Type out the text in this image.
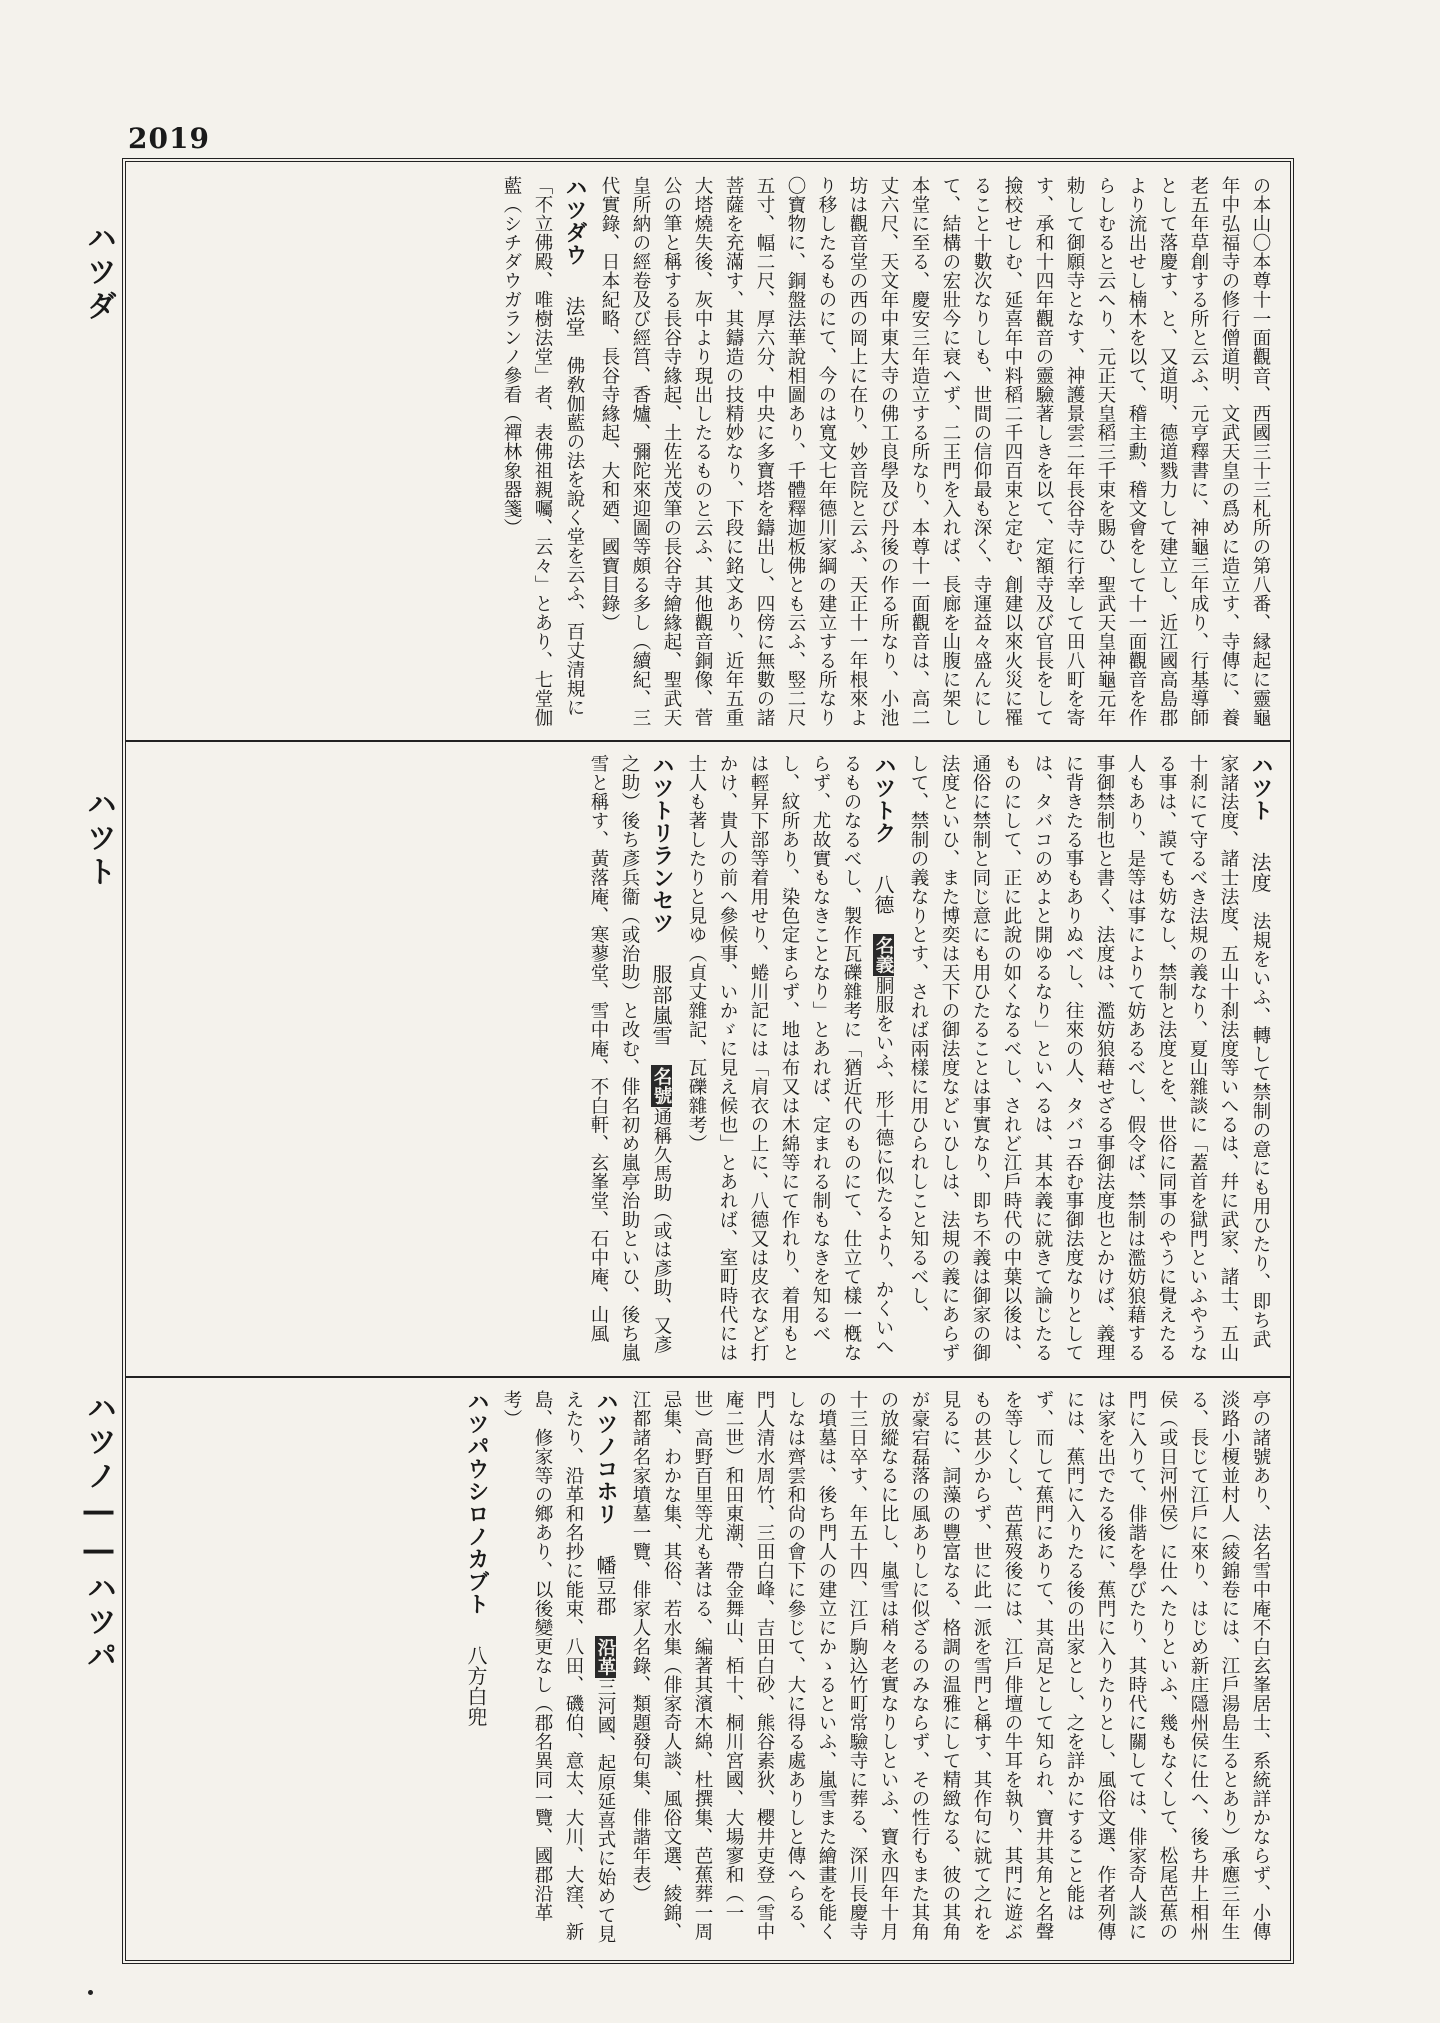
2019
ハツダ
ハツト
ハツノ――ハツパ
の本山〇本尊十一面觀音、西國三十三札所の第八番、縁起に靈龜年中弘福寺の修行僧道明、文武天皇の爲めに造立す、寺傳に、養老五年草創する所と云ふ、元亨釋書に、神龜三年成り、行基導師として落慶す、と、又道明、德道戮力して建立し、近江國高島郡より流出せし楠木を以て、稽主勳、稽文會をして十一面觀音を作らしむると云へり、元正天皇稻三千束を賜ひ、聖武天皇神龜元年勅して御願寺となす、神護景雲二年長谷寺に行幸して田八町を寄す、承和十四年觀音の靈驗著しきを以て、定額寺及び官長をして撿校せしむ、延喜年中料稻二千四百束と定む、創建以來火災に罹ること十數次なりしも、世間の信仰最も深く、寺運益々盛んにして、結構の宏壯今に衰へず、二王門を入れば、長廊を山腹に架し本堂に至る、慶安三年造立する所なり、本尊十一面觀音は、高二丈六尺、天文年中東大寺の佛工良學及び丹後の作る所なり、小池坊は觀音堂の西の岡上に在り、妙音院と云ふ、天正十一年根來より移したるものにて、今のは寬文七年德川家綱の建立する所なり〇寶物に、銅盤法華說相圖あり、千體釋迦板佛とも云ふ、竪二尺五寸、幅二尺、厚六分、中央に多寶塔を鑄出し、四傍に無數の諸菩薩を充滿す、其鑄造の技精妙なり、下段に銘文あり、近年五重大塔燒失後、灰中より現出したるものと云ふ、其他觀音銅像、菅公の筆と稱する長谷寺緣起、土佐光茂筆の長谷寺繪緣起、聖武天皇所納の經卷及び經筥、香爐、彌陀來迎圖等頗る多し（續紀、三代實錄、日本紀略、長谷寺緣起、大和廼、國寶目錄）
ハツダウ法堂　佛敎伽藍の法を說く堂を云ふ、百丈清規に「不立佛殿、唯樹法堂」者、表佛祖親囑、云々」とあり、七堂伽藍（シチダウガランノ參看（禪林象器箋）
ハツト法度　法規をいふ、轉して禁制の意にも用ひたり、即ち武家諸法度、諸士法度、五山十刹法度等いへるは、幷に武家、諸士、五山十刹にて守るべき法規の義なり、夏山雜談に「蓋首を獄門といふやうなる事は、謨ても妨なし、禁制と法度とを、世俗に同事のやうに覺えたる人もあり、是等は事によりて妨あるべし、假令ば、禁制は濫妨狼藉する事御禁制也と書く、法度は、濫妨狼藉せざる事御法度也とかけば、義理に背きたる事もありぬべし、往來の人、タバコ吞む事御法度なりとしては、タバコのめよと開ゆるなり」といへるは、其本義に就きて論じたるものにして、正に此說の如くなるべし、されど江戶時代の中葉以後は、通俗に禁制と同じ意にも用ひたることは事實なり、即ち不義は御家の御法度といひ、また博奕は天下の御法度などいひしは、法規の義にあらずして、禁制の義なりとす、されば兩樣に用ひられしこと知るべし、
ハツトク八德　名義胴服をいふ、形十德に似たるより、かくいへるものなるべし、製作瓦礫雜考に「猶近代のものにて、仕立て樣一槪ならず、尤故實もなきことなり」とあれば、定まれる制もなきを知るべし、紋所あり、染色定まらず、地は布又は木綿等にて作れり、着用もとは輕昇下部等着用せり、蜷川記には「肩衣の上に、八德又は皮衣など打かけ、貴人の前へ參候事、いかゞに見え候也」とあれば、室町時代には士人も著したりと見ゆ（貞丈雜記、瓦礫雜考）
ハツトリランセツ服部嵐雪　名號通稱久馬助（或は彥助、又彥之助）後ち彥兵衞（或治助）と改む、俳名初め嵐亭治助といひ、後ち嵐雪と稱す、黃落庵、寒蓼堂、雪中庵、不白軒、玄峯堂、石中庵、山風
亭の諸號あり、法名雪中庵不白玄峯居士、系統詳かならず、小傳淡路小榎並村人（綾錦卷には、江戶湯島生るとあり）承應三年生る、長じて江戶に來り、はじめ新庄隱州侯に仕へ、後ち井上相州侯（或日河州侯）に仕へたりといふ、幾もなくして、松尾芭蕉の門に入りて、俳諧を學びたり、其時代に關しては、俳家奇人談には家を出でたる後に、蕉門に入りたりとし、風俗文選、作者列傳には、蕉門に入りたる後の出家とし、之を詳かにすること能はず、而して蕉門にありて、其高足として知られ、寶井其角と名聲を等しくし、芭蕉歿後には、江戶俳壇の牛耳を執り、其門に遊ぶもの甚少からず、世に此一派を雪門と稱す、其作句に就て之れを見るに、詞藻の豐富なる、格調の温雅にして精緻なる、彼の其角が豪宕磊落の風ありしに似ざるのみならず、その性行もまた其角の放縱なるに比し、嵐雪は稍々老實なりしといふ、寶永四年十月十三日卒す、年五十四、江戶駒込竹町常驗寺に葬る、深川長慶寺の墳墓は、後ち門人の建立にかゝるといふ、嵐雪また繪畫を能くしなは齊雲和尙の會下に參じて、大に得る處ありしと傳へらる、門人清水周竹、三田白峰、吉田白砂、熊谷素狄、櫻井吏登（雪中庵二世）和田東潮、帶金舞山、栢十、桐川宮國、大場寥和（一世）高野百里等尤も著はる、編著其濱木綿、杜撰集、芭蕉葬一周忌集、わかな集、其俗、若水集（俳家奇人談、風俗文選、綾錦、江都諸名家墳墓一覽、俳家人名錄、類題發句集、俳諧年表）
ハツノコホリ幡豆郡　沿革三河國、起原延喜式に始めて見えたり、沿革和名抄に能束、八田、磯伯、意太、大川、大窪、新島、修家等の鄉あり、以後變更なし（郡名異同一覽、國郡沿革考）
ハツパウシロノカブト八方白兜
